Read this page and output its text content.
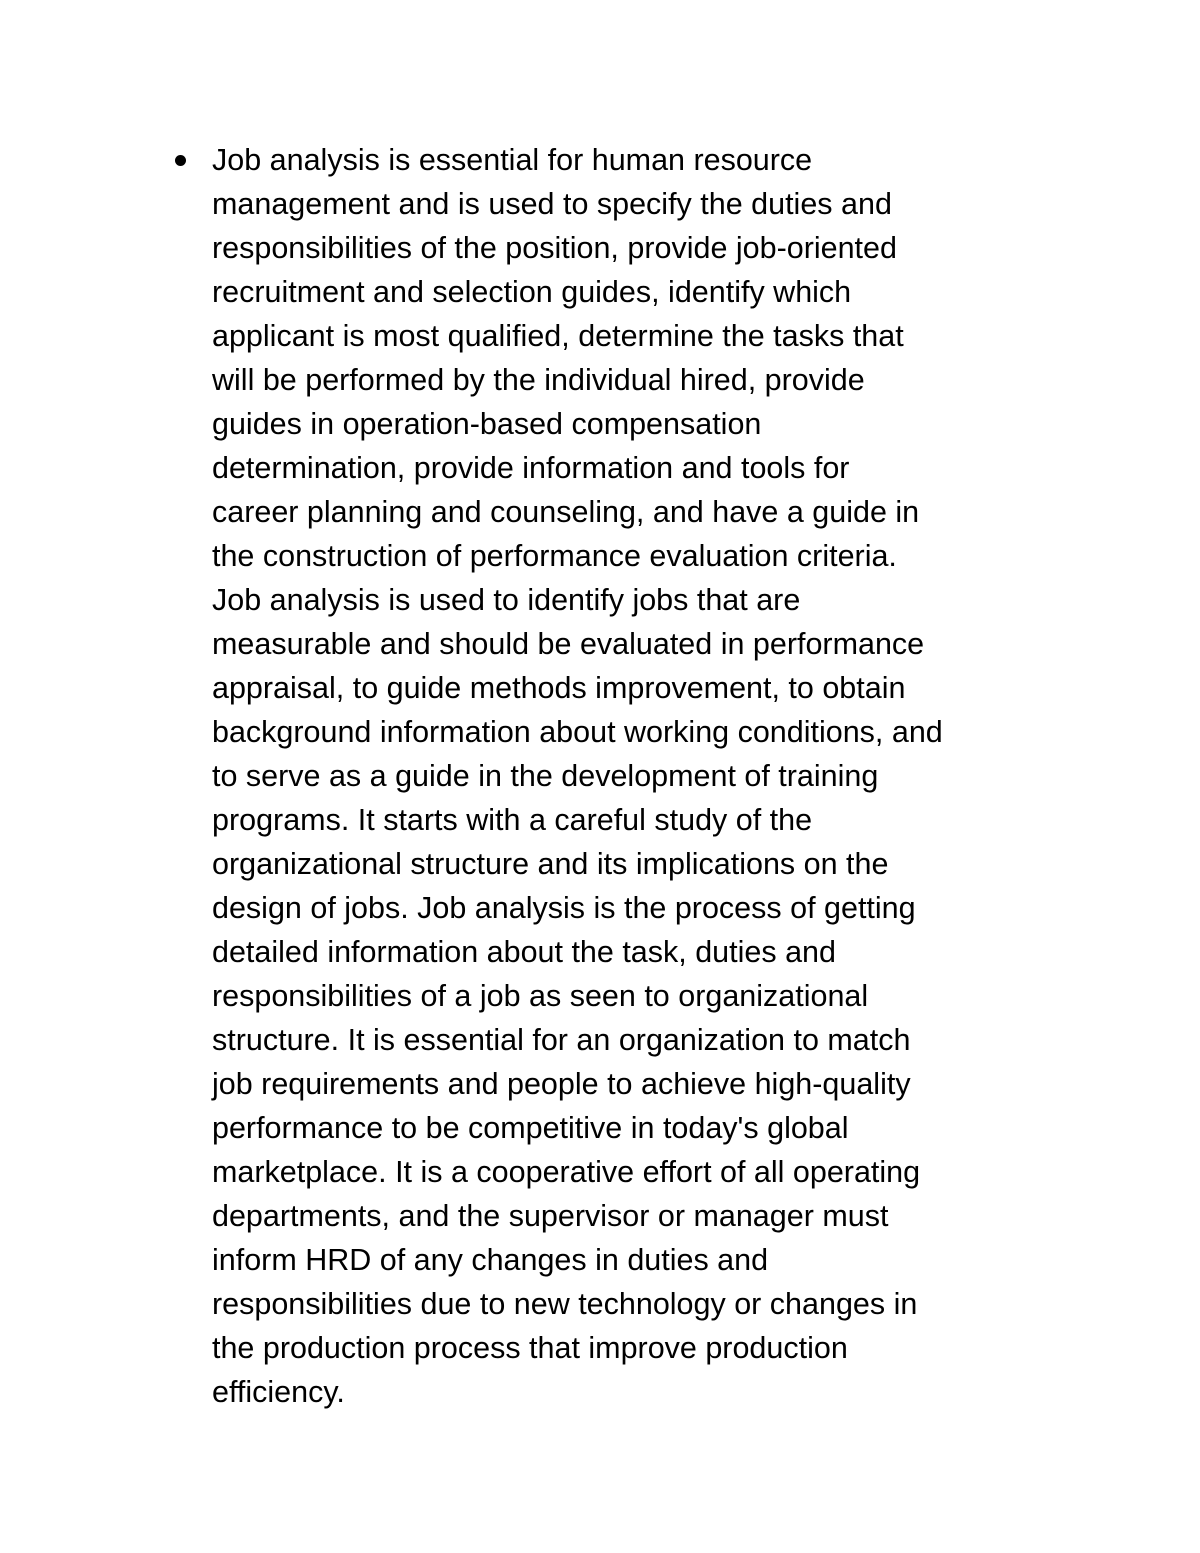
Job analysis is essential for human resource
management and is used to specify the duties and
responsibilities of the position, provide job-oriented
recruitment and selection guides, identify which
applicant is most qualified, determine the tasks that
will be performed by the individual hired, provide
guides in operation-based compensation
determination, provide information and tools for
career planning and counseling, and have a guide in
the construction of performance evaluation criteria.
Job analysis is used to identify jobs that are
measurable and should be evaluated in performance
appraisal, to guide methods improvement, to obtain
background information about working conditions, and
to serve as a guide in the development of training
programs. It starts with a careful study of the
organizational structure and its implications on the
design of jobs. Job analysis is the process of getting
detailed information about the task, duties and
responsibilities of a job as seen to organizational
structure. It is essential for an organization to match
job requirements and people to achieve high-quality
performance to be competitive in today's global
marketplace. It is a cooperative effort of all operating
departments, and the supervisor or manager must
inform HRD of any changes in duties and
responsibilities due to new technology or changes in
the production process that improve production
efficiency.
